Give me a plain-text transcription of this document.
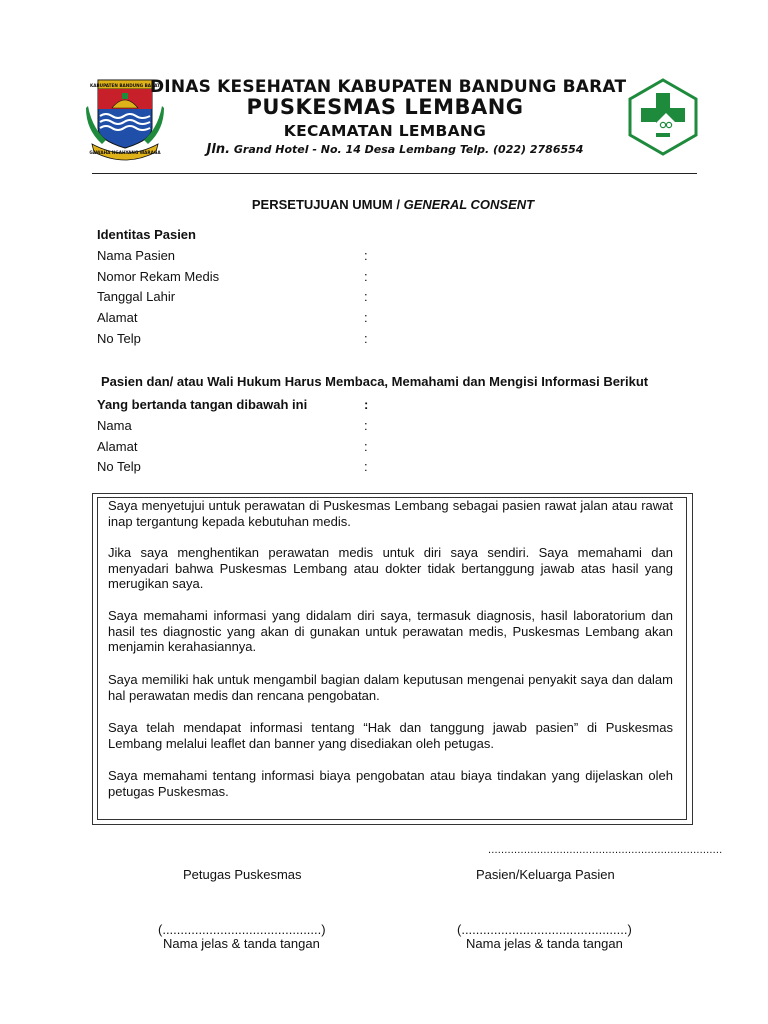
KABUPATEN BANDUNG BARAT
GAWAHA NGAHYANG WARAGA
DINAS KESEHATAN KABUPATEN BANDUNG BARAT
PUSKESMAS LEMBANG
KECAMATAN LEMBANG
Jln. Grand Hotel - No. 14 Desa Lembang Telp. (022) 2786554
PERSETUJUAN UMUM / GENERAL CONSENT
Identitas Pasien
Nama Pasien	:
Nomor Rekam Medis	:
Tanggal Lahir	:
Alamat	:
No Telp	:
Pasien dan/ atau Wali Hukum Harus Membaca, Memahami dan Mengisi Informasi Berikut
Yang bertanda tangan dibawah ini	:
Nama	:
Alamat	:
No Telp	:
Saya menyetujui untuk perawatan di Puskesmas Lembang sebagai pasien rawat jalan atau rawat inap tergantung kepada kebutuhan medis.
Jika saya menghentikan perawatan medis untuk diri saya sendiri. Saya memahami dan menyadari bahwa Puskesmas Lembang atau dokter tidak bertanggung jawab atas hasil yang merugikan saya.
Saya memahami informasi yang didalam diri saya, termasuk diagnosis, hasil laboratorium dan hasil tes diagnostic yang akan di gunakan untuk perawatan medis, Puskesmas Lembang akan menjamin kerahasiannya.
Saya memiliki hak untuk mengambil bagian dalam keputusan mengenai penyakit saya dan dalam hal perawatan medis dan rencana pengobatan.
Saya telah mendapat informasi tentang “Hak dan tanggung jawab pasien” di Puskesmas Lembang melalui leaflet dan banner yang disediakan oleh petugas.
Saya memahami tentang informasi biaya pengobatan atau biaya tindakan yang dijelaskan oleh petugas Puskesmas.
........................................................................
Petugas Puskesmas	Pasien/Keluarga Pasien
(............................................)	(..............................................)
Nama jelas & tanda tangan	Nama jelas & tanda tangan
